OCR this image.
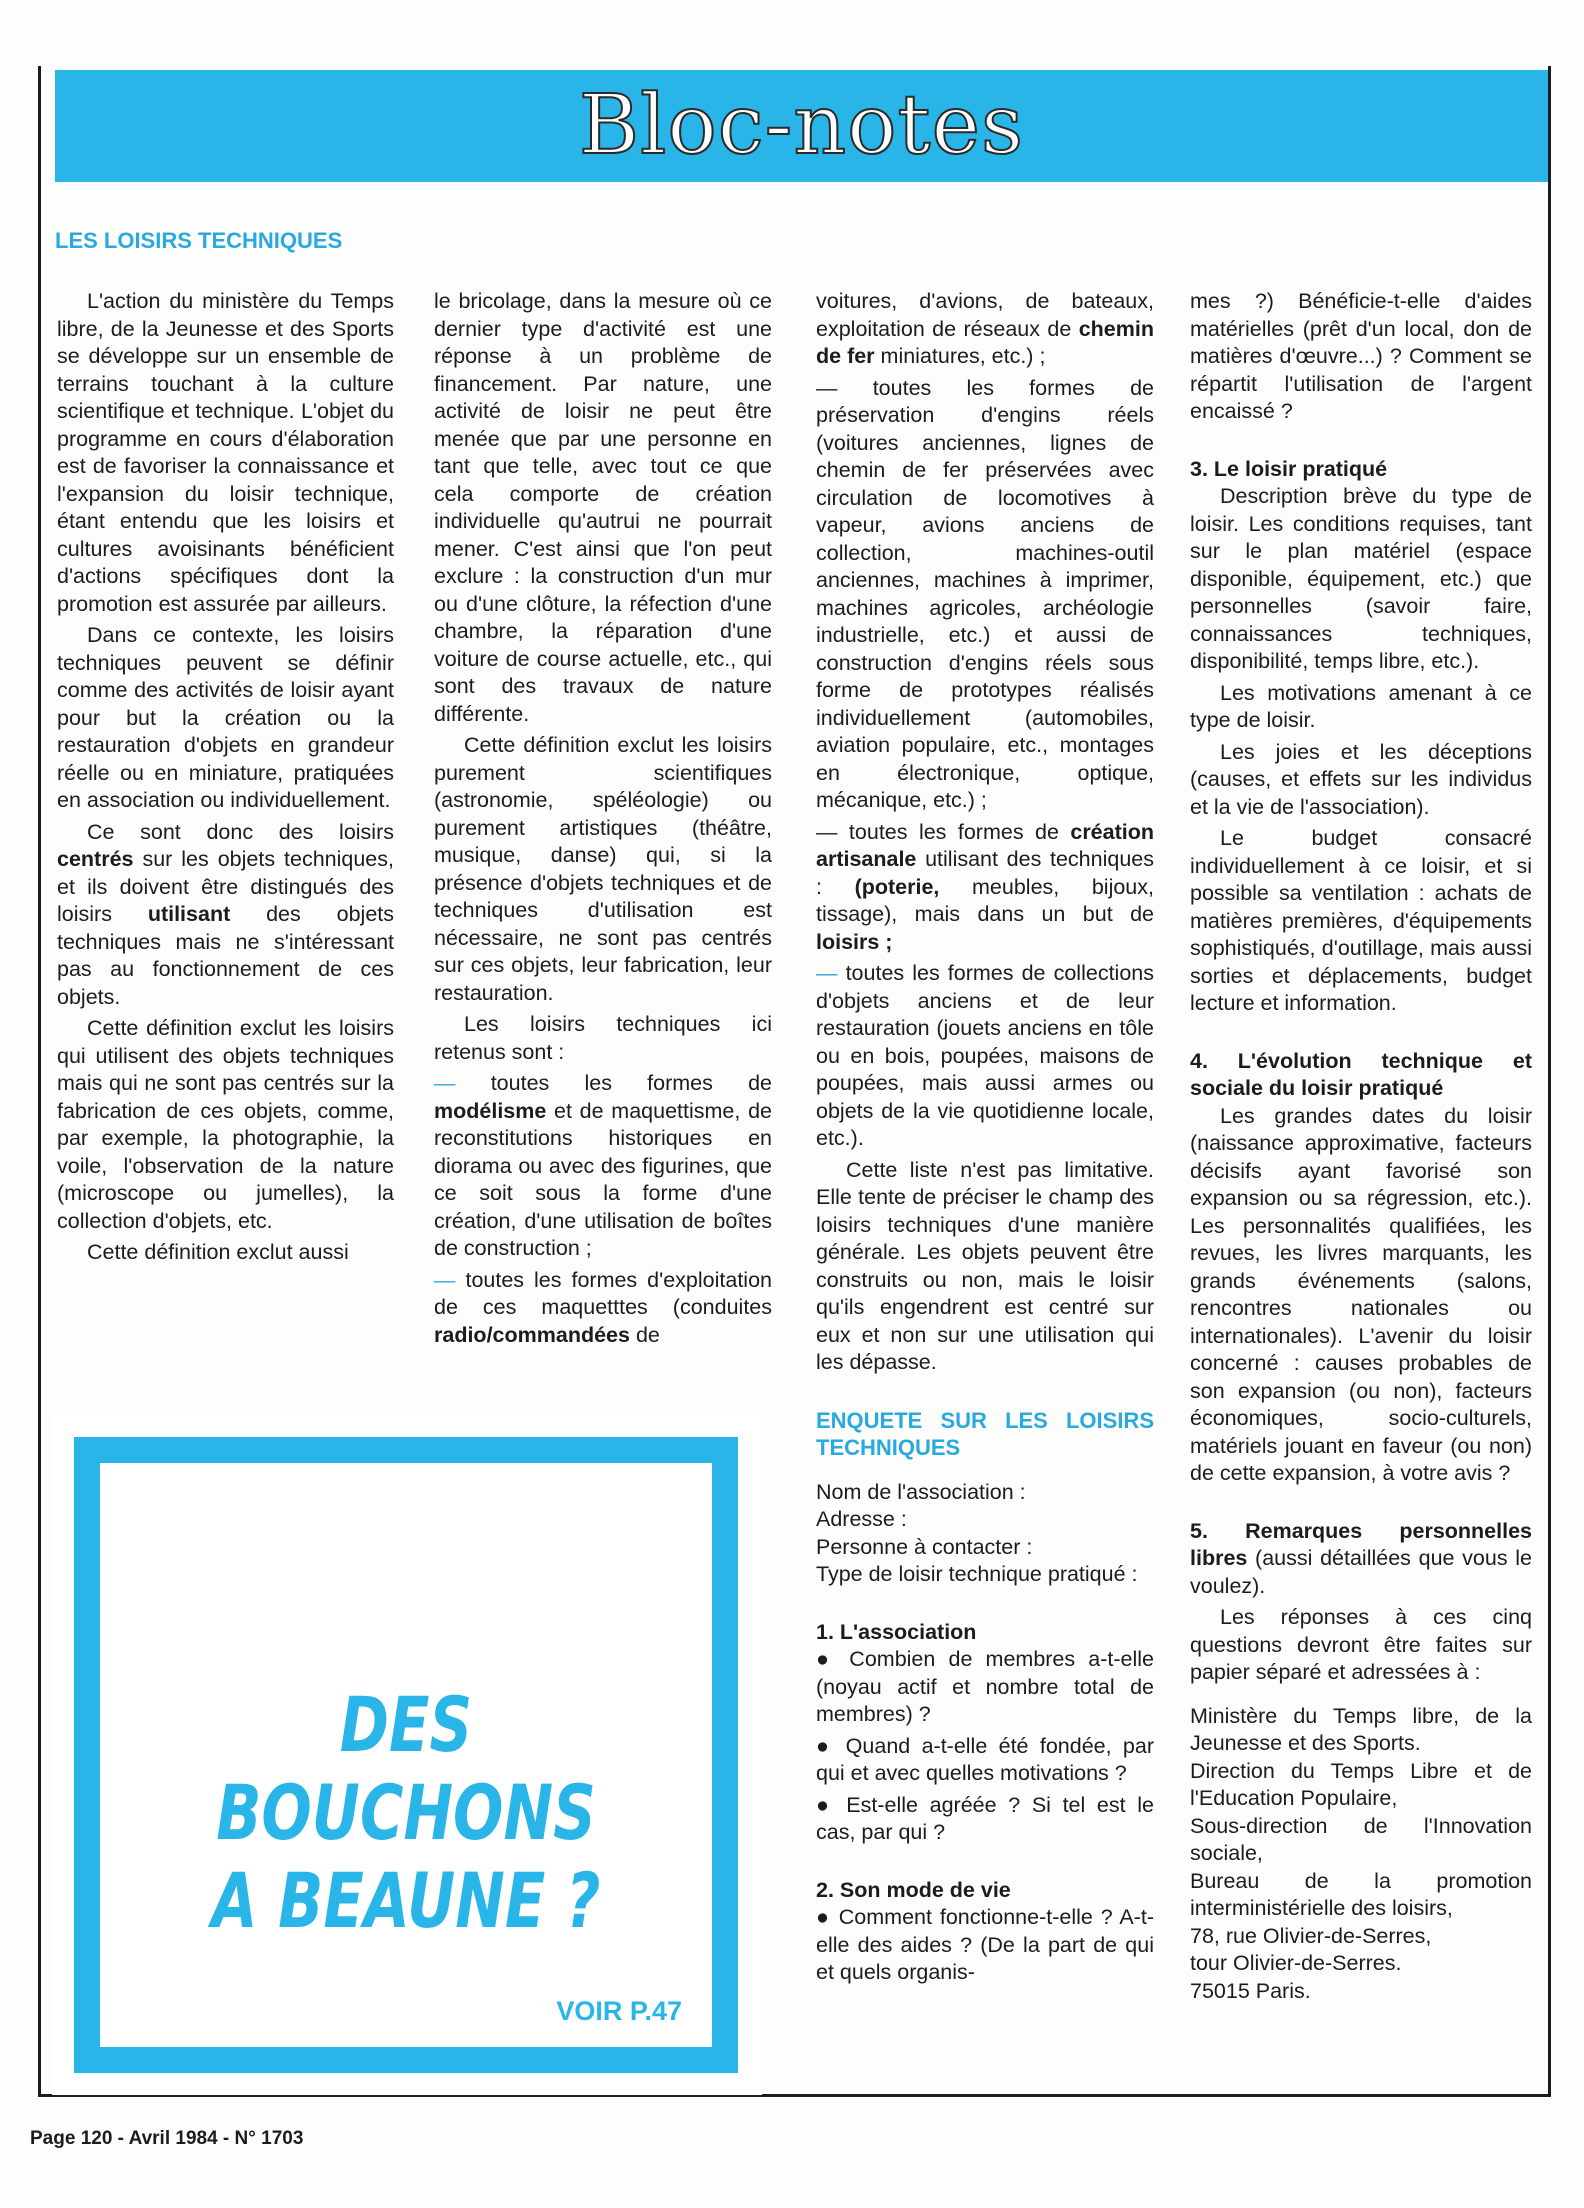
Bloc-notes
LES LOISIRS TECHNIQUES

L'action du ministère du Temps libre, de la Jeunesse et des Sports se développe sur un ensemble de terrains touchant à la culture scientifique et technique. L'objet du programme en cours d'élaboration est de favoriser la connaissance et l'expansion du loisir technique, étant entendu que les loisirs et cultures avoisinants bénéficient d'actions spécifiques dont la promotion est assurée par ailleurs.

Dans ce contexte, les loisirs techniques peuvent se définir comme des activités de loisir ayant pour but la création ou la restauration d'objets en grandeur réelle ou en miniature, pratiquées en association ou individuellement.

Ce sont donc des loisirs centrés sur les objets techniques, et ils doivent être distingués des loisirs utilisant des objets techniques mais ne s'intéressant pas au fonctionnement de ces objets.

Cette définition exclut les loisirs qui utilisent des objets techniques mais qui ne sont pas centrés sur la fabrication de ces objets, comme, par exemple, la photographie, la voile, l'observation de la nature (microscope ou jumelles), la collection d'objets, etc.

Cette définition exclut aussi

le bricolage, dans la mesure où ce dernier type d'activité est une réponse à un problème de financement. Par nature, une activité de loisir ne peut être menée que par une personne en tant que telle, avec tout ce que cela comporte de création individuelle qu'autrui ne pourrait mener. C'est ainsi que l'on peut exclure : la construction d'un mur ou d'une clôture, la réfection d'une chambre, la réparation d'une voiture de course actuelle, etc., qui sont des travaux de nature différente.

Cette définition exclut les loisirs purement scientifiques (astronomie, spéléologie) ou purement artistiques (théâtre, musique, danse) qui, si la présence d'objets techniques et de techniques d'utilisation est nécessaire, ne sont pas centrés sur ces objets, leur fabrication, leur restauration.

Les loisirs techniques ici retenus sont :

— toutes les formes de modélisme et de maquettisme, de reconstitutions historiques en diorama ou avec des figurines, que ce soit sous la forme d'une création, d'une utilisation de boîtes de construction ;

— toutes les formes d'exploitation de ces maquetttes (conduites radio/commandées de

voitures, d'avions, de bateaux, exploitation de réseaux de chemin de fer miniatures, etc.) ;

— toutes les formes de préservation d'engins réels (voitures anciennes, lignes de chemin de fer préservées avec circulation de locomotives à vapeur, avions anciens de collection, machines-outil anciennes, machines à imprimer, machines agricoles, archéologie industrielle, etc.) et aussi de construction d'engins réels sous forme de prototypes réalisés individuellement (automobiles, aviation populaire, etc., montages en électronique, optique, mécanique, etc.) ;

— toutes les formes de création artisanale utilisant des techniques : (poterie, meubles, bijoux, tissage), mais dans un but de loisirs ;

— toutes les formes de collections d'objets anciens et de leur restauration (jouets anciens en tôle ou en bois, poupées, maisons de poupées, mais aussi armes ou objets de la vie quotidienne locale, etc.).

Cette liste n'est pas limitative. Elle tente de préciser le champ des loisirs techniques d'une manière générale. Les objets peuvent être construits ou non, mais le loisir qu'ils engendrent est centré sur eux et non sur une utilisation qui les dépasse.

ENQUETE SUR LES LOISIRS TECHNIQUES

Nom de l'association :

Adresse :

Personne à contacter :

Type de loisir technique pratiqué :

1. L'association

● Combien de membres a-t-elle (noyau actif et nombre total de membres) ?

● Quand a-t-elle été fondée, par qui et avec quelles motivations ?

● Est-elle agréée ? Si tel est le cas, par qui ?

2. Son mode de vie

● Comment fonctionne-t-elle ? A-t-elle des aides ? (De la part de qui et quels organis-

mes ?) Bénéficie-t-elle d'aides matérielles (prêt d'un local, don de matières d'œuvre...) ? Comment se répartit l'utilisation de l'argent encaissé ?

3. Le loisir pratiqué

Description brève du type de loisir. Les conditions requises, tant sur le plan matériel (espace disponible, équipement, etc.) que personnelles (savoir faire, connaissances techniques, disponibilité, temps libre, etc.).

Les motivations amenant à ce type de loisir.

Les joies et les déceptions (causes, et effets sur les individus et la vie de l'association).

Le budget consacré individuellement à ce loisir, et si possible sa ventilation : achats de matières premières, d'équipements sophistiqués, d'outillage, mais aussi sorties et déplacements, budget lecture et information.

4. L'évolution technique et sociale du loisir pratiqué

Les grandes dates du loisir (naissance approximative, facteurs décisifs ayant favorisé son expansion ou sa régression, etc.). Les personnalités qualifiées, les revues, les livres marquants, les grands événements (salons, rencontres nationales ou internationales). L'avenir du loisir concerné : causes probables de son expansion (ou non), facteurs économiques, socio-culturels, matériels jouant en faveur (ou non) de cette expansion, à votre avis ?

5. Remarques personnelles libres (aussi détaillées que vous le voulez).

Les réponses à ces cinq questions devront être faites sur papier séparé et adressées à :

Ministère du Temps libre, de la Jeunesse et des Sports.

Direction du Temps Libre et de l'Education Populaire,

Sous-direction de l'Innovation sociale,

Bureau de la promotion interministérielle des loisirs,

78, rue Olivier-de-Serres,

tour Olivier-de-Serres.

75015 Paris.

DES BOUCHONS
A BEAUNE ?
VOIR P.47
Page 120 - Avril 1984 - N° 1703
